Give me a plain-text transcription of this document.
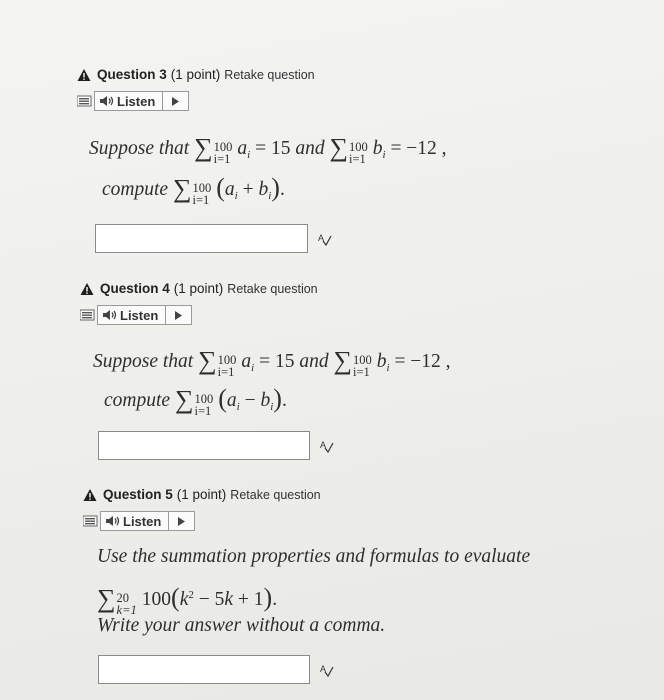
Question 3 (1 point) Retake question
Listen
Suppose that
∑ 100
i=1 a i
= 15
and
∑ 100
i=1 b i
= −12 ,
compute
∑ 100
i=1 ( a i
+
b i ) .
A
Question 4 (1 point) Retake question
Listen
Suppose that
∑ 100
i=1 a i
= 15
and
∑ 100
i=1 b i
= −12 ,
compute
∑ 100
i=1 ( a i
−
b i ) .
A
Question 5 (1 point) Retake question
Listen
Use the summation properties and formulas to evaluate
∑ 20
k=1 100 ( k 2
−
5 k
+
1 ) .
Write your answer without a comma.
A
